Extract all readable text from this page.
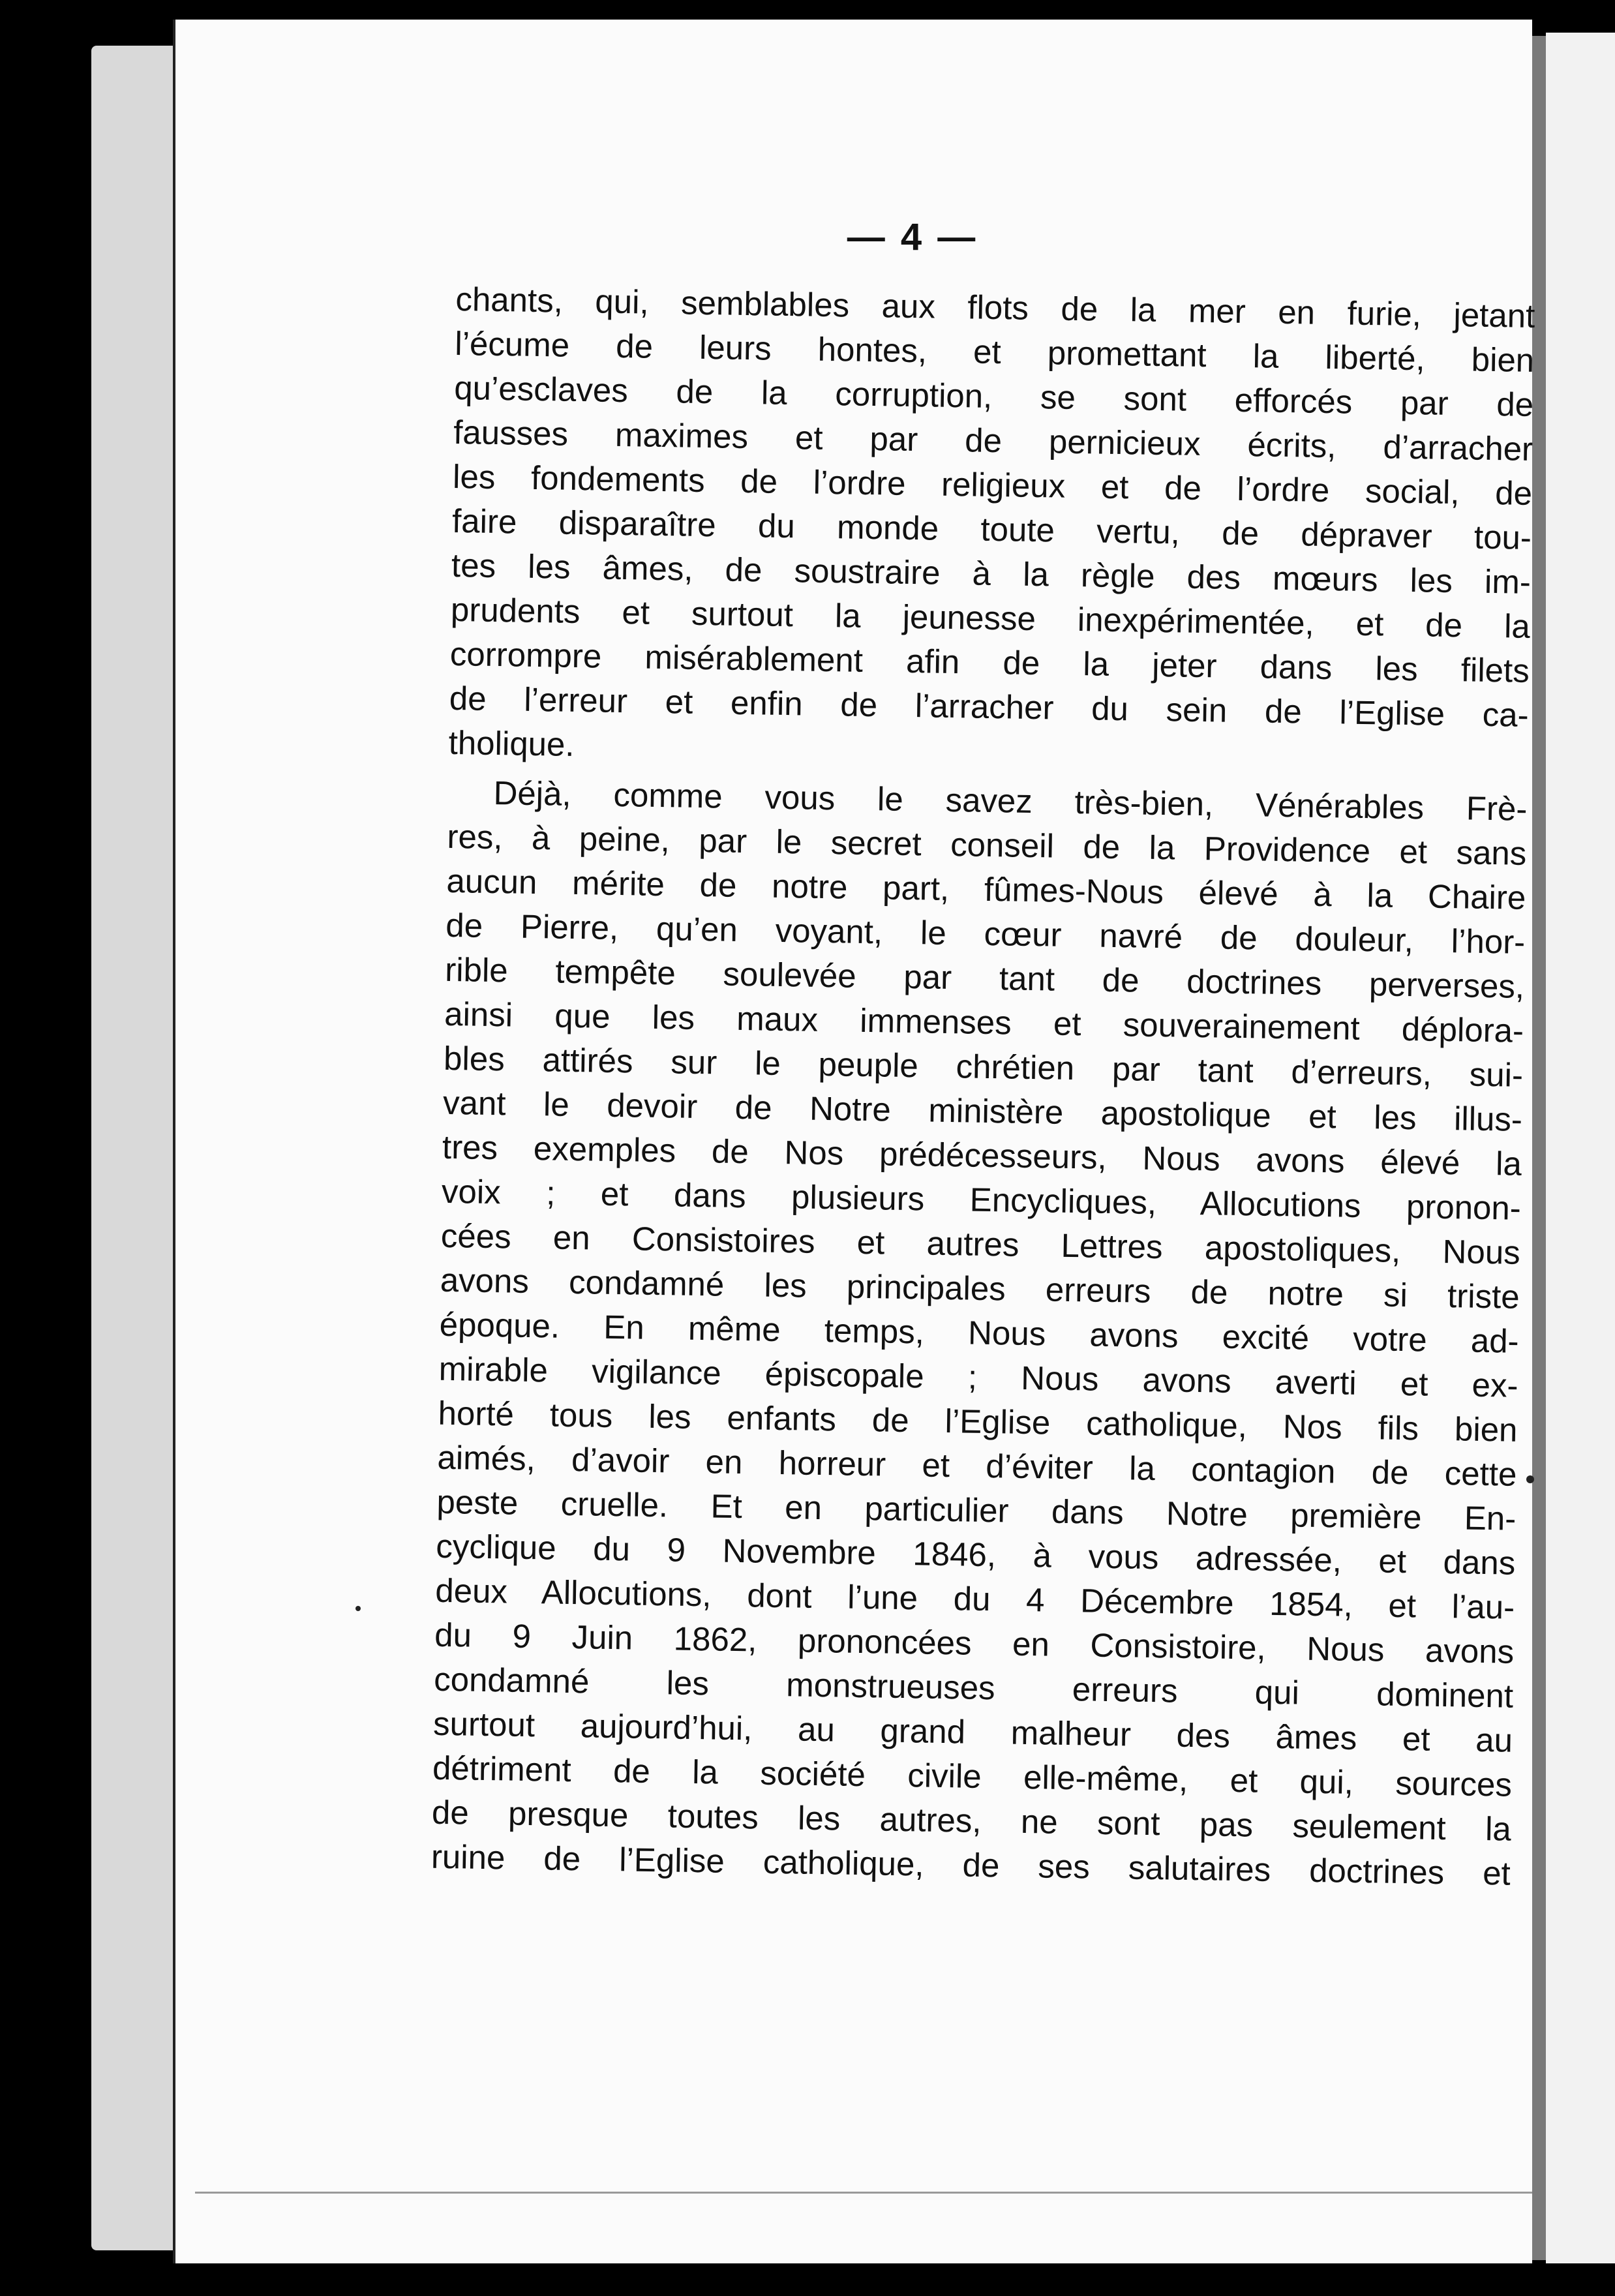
— 4 —
chants, qui, semblables aux flots de la mer en furie, jetant
l’écume de leurs hontes, et promettant la liberté, bien
qu’esclaves de la corruption, se sont efforcés par de
fausses maximes et par de pernicieux écrits, d’arracher
les fondements de l’ordre religieux et de l’ordre social, de
faire disparaître du monde toute vertu, de dépraver tou-
tes les âmes, de soustraire à la règle des mœurs les im-
prudents et surtout la jeunesse inexpérimentée, et de la
corrompre misérablement afin de la jeter dans les filets
de l’erreur et enfin de l’arracher du sein de l’Eglise ca-
tholique.
Déjà, comme vous le savez très-bien, Vénérables Frè-
res, à peine, par le secret conseil de la Providence et sans
aucun mérite de notre part, fûmes-Nous élevé à la Chaire
de Pierre, qu’en voyant, le cœur navré de douleur, l’hor-
rible tempête soulevée par tant de doctrines perverses,
ainsi que les maux immenses et souverainement déplora-
bles attirés sur le peuple chrétien par tant d’erreurs, sui-
vant le devoir de Notre ministère apostolique et les illus-
tres exemples de Nos prédécesseurs, Nous avons élevé la
voix ; et dans plusieurs Encycliques, Allocutions pronon-
cées en Consistoires et autres Lettres apostoliques, Nous
avons condamné les principales erreurs de notre si triste
époque. En même temps, Nous avons excité votre ad-
mirable vigilance épiscopale ; Nous avons averti et ex-
horté tous les enfants de l’Eglise catholique, Nos fils bien
aimés, d’avoir en horreur et d’éviter la contagion de cette
peste cruelle. Et en particulier dans Notre première En-
cyclique du 9 Novembre 1846, à vous adressée, et dans
deux Allocutions, dont l’une du 4 Décembre 1854, et l’au-
du 9 Juin 1862, prononcées en Consistoire, Nous avons
condamné les monstrueuses erreurs qui dominent
surtout aujourd’hui, au grand malheur des âmes et au
détriment de la société civile elle-même, et qui, sources
de presque toutes les autres, ne sont pas seulement la
ruine de l’Eglise catholique, de ses salutaires doctrines et
